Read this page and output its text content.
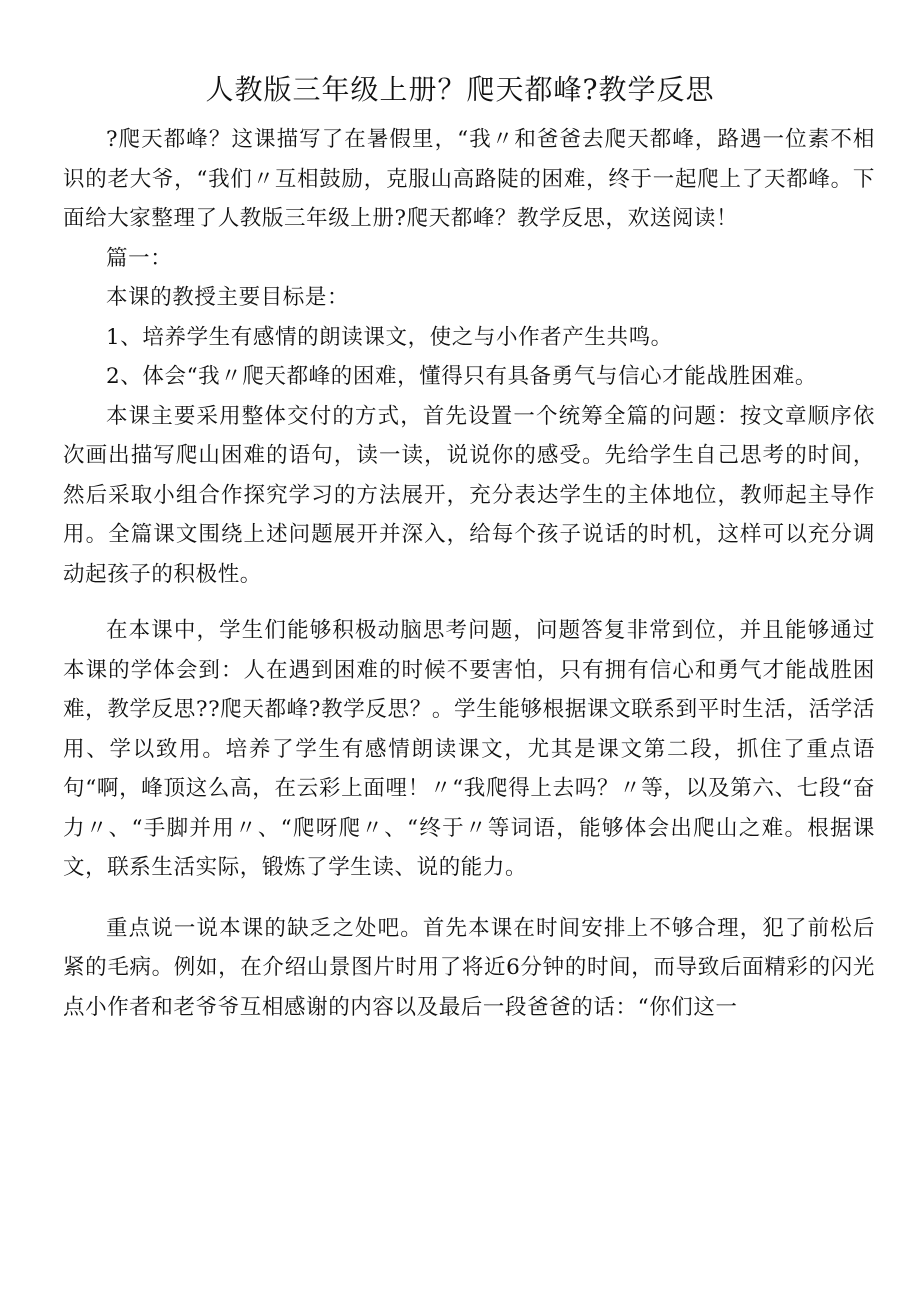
人教版三年级上册？爬天都峰?教学反思

?爬天都峰？这课描写了在暑假里，“我〃和爸爸去爬天都峰，路遇一位素不相识的老大爷，“我们〃互相鼓励，克服山高路陡的困难，终于一起爬上了天都峰。下面给大家整理了人教版三年级上册?爬天都峰？教学反思，欢送阅读！

篇一：

本课的教授主要目标是：

1、培养学生有感情的朗读课文，使之与小作者产生共鸣。

2、体会“我〃爬天都峰的困难，懂得只有具备勇气与信心才能战胜困难。

本课主要采用整体交付的方式，首先设置一个统筹全篇的问题：按文章顺序依次画出描写爬山困难的语句，读一读，说说你的感受。先给学生自己思考的时间，然后采取小组合作探究学习的方法展开，充分表达学生的主体地位，教师起主导作用。全篇课文围绕上述问题展开并深入，给每个孩子说话的时机，这样可以充分调动起孩子的积极性。

在本课中，学生们能够积极动脑思考问题，问题答复非常到位，并且能够通过本课的学体会到：人在遇到困难的时候不要害怕，只有拥有信心和勇气才能战胜困难，教学反思??爬天都峰?教学反思？。学生能够根据课文联系到平时生活，活学活用、学以致用。培养了学生有感情朗读课文，尤其是课文第二段，抓住了重点语句“啊，峰顶这么高，在云彩上面哩！〃“我爬得上去吗？〃等，以及第六、七段“奋力〃、“手脚并用〃、“爬呀爬〃、“终于〃等词语，能够体会出爬山之难。根据课文，联系生活实际，锻炼了学生读、说的能力。

重点说一说本课的缺乏之处吧。首先本课在时间安排上不够合理，犯了前松后紧的毛病。例如，在介绍山景图片时用了将近6分钟的时间，而导致后面精彩的闪光点小作者和老爷爷互相感谢的内容以及最后一段爸爸的话：“你们这一
